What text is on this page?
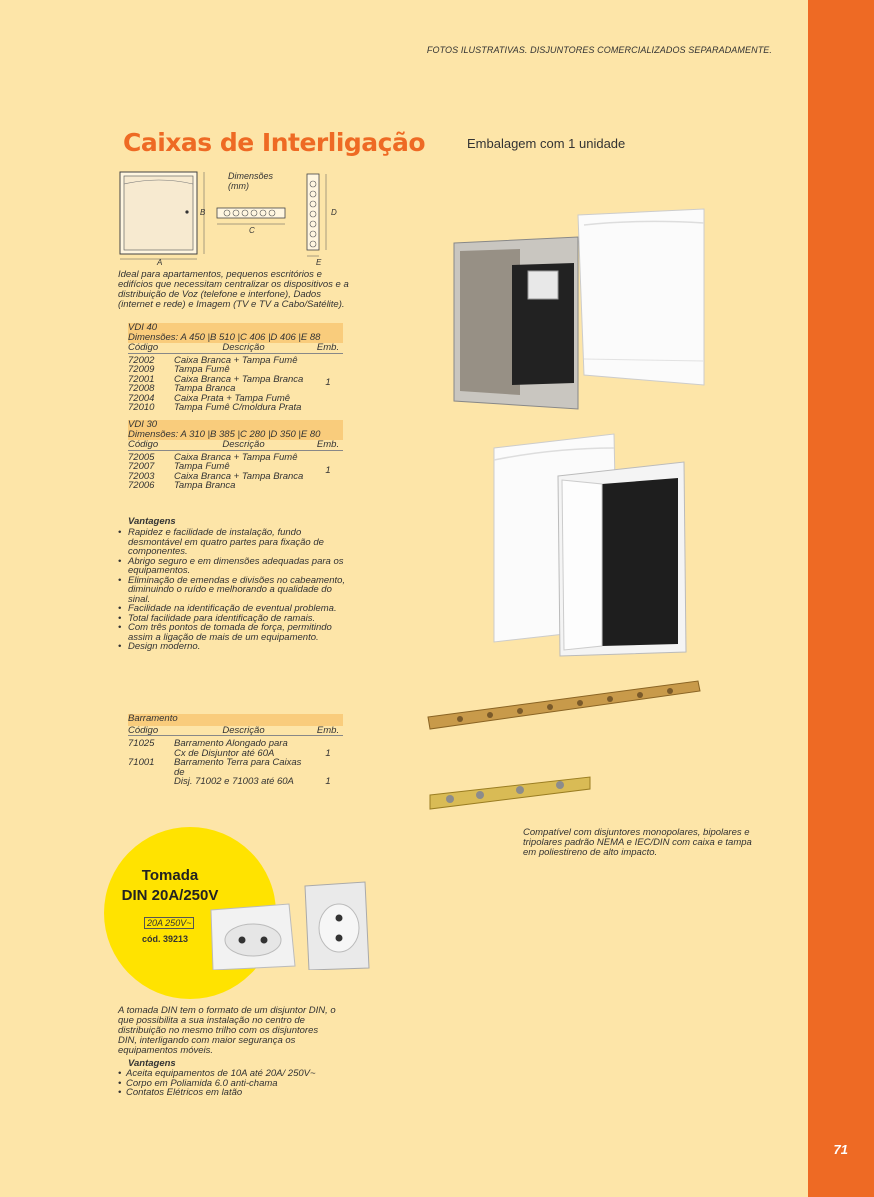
71
FOTOS ILUSTRATIVAS. DISJUNTORES COMERCIALIZADOS SEPARADAMENTE.
Caixas de Interligação	Embalagem com 1 unidade
Dimensões
(mm)
A
B
C
D
E
Ideal para apartamentos, pequenos escritórios e edifícios que necessitam centralizar os dispositivos e a distribuição de Voz (telefone e interfone), Dados (internet e rede) e Imagem (TV e TV a Cabo/Satélite).
VDI 40		
Dimensões: A 450 |B 510 |C 406 |D 406 |E 88		
Código	Descrição	Emb.
72002	Caixa Branca + Tampa Fumê	1
72009	Tampa Fumê	
72001	Caixa Branca + Tampa Branca	
72008	Tampa Branca	
72004	Caixa Prata + Tampa Fumê	
72010	Tampa Fumê C/moldura Prata	
VDI 30		
Dimensões: A 310 |B 385 |C 280 |D 350 |E 80		
Código	Descrição	Emb.
72005	Caixa Branca + Tampa Fumê	1
72007	Tampa Fumê	
72003	Caixa Branca + Tampa Branca	
72006	Tampa Branca	
Vantagens
• Rapidez e facilidade de instalação, fundo desmontável em quatro partes para fixação de componentes.
• Abrigo seguro e em dimensões adequadas para os equipamentos.
• Eliminação de emendas e divisões no cabeamento, diminuindo o ruído e melhorando a qualidade do sinal.
• Facilidade na identificação de eventual problema.
• Total facilidade para identificação de ramais.
• Com três pontos de tomada de força, permitindo assim a ligação de mais de um equipamento.
• Design moderno.
Barramento		
Código	Descrição	Emb.
71025	Barramento Alongado para
Cx de Disjuntor até 60A	1
71001	Barramento Terra para Caixas de
Disj. 71002 e 71003 até 60A	1
Compatível com disjuntores monopolares, bipolares e tripolares padrão NEMA e IEC/DIN com caixa e tampa em poliestireno de alto impacto.
Tomada
DIN 20A/250V
20A 250V~
cód. 39213
A tomada DIN tem o formato de um disjuntor DIN, o que possibilita a sua instalação no centro de distribuição no mesmo trilho com os disjuntores DIN, interligando com maior segurança os equipamentos móveis.
Vantagens
• Aceita equipamentos de 10A até 20A/ 250V~
• Corpo em Poliamida 6.0 anti-chama
• Contatos Elétricos em latão
